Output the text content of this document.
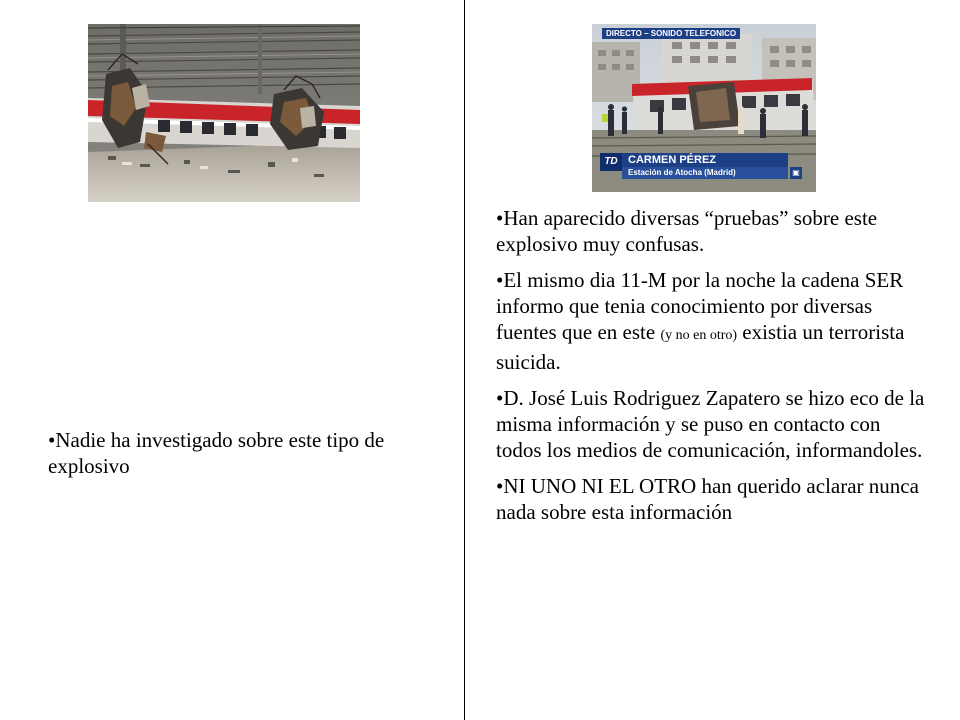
DIRECTO – SONIDO TELEFONICO
TD CARMEN PÉREZ
Estación de Atocha (Madrid)	▣

•Nadie ha investigado sobre este tipo de explosivo

•Han aparecido diversas “pruebas” sobre este explosivo muy confusas.

•El mismo dia 11-M por la noche la cadena SER informo que tenia conocimiento por diversas fuentes que en este (y no en otro) existia un terrorista suicida.

•D. José Luis Rodriguez Zapatero se hizo eco de la misma información y se puso en contacto con todos los medios de comunicación, informandoles.

•NI UNO NI EL OTRO han querido aclarar nunca nada sobre esta información
